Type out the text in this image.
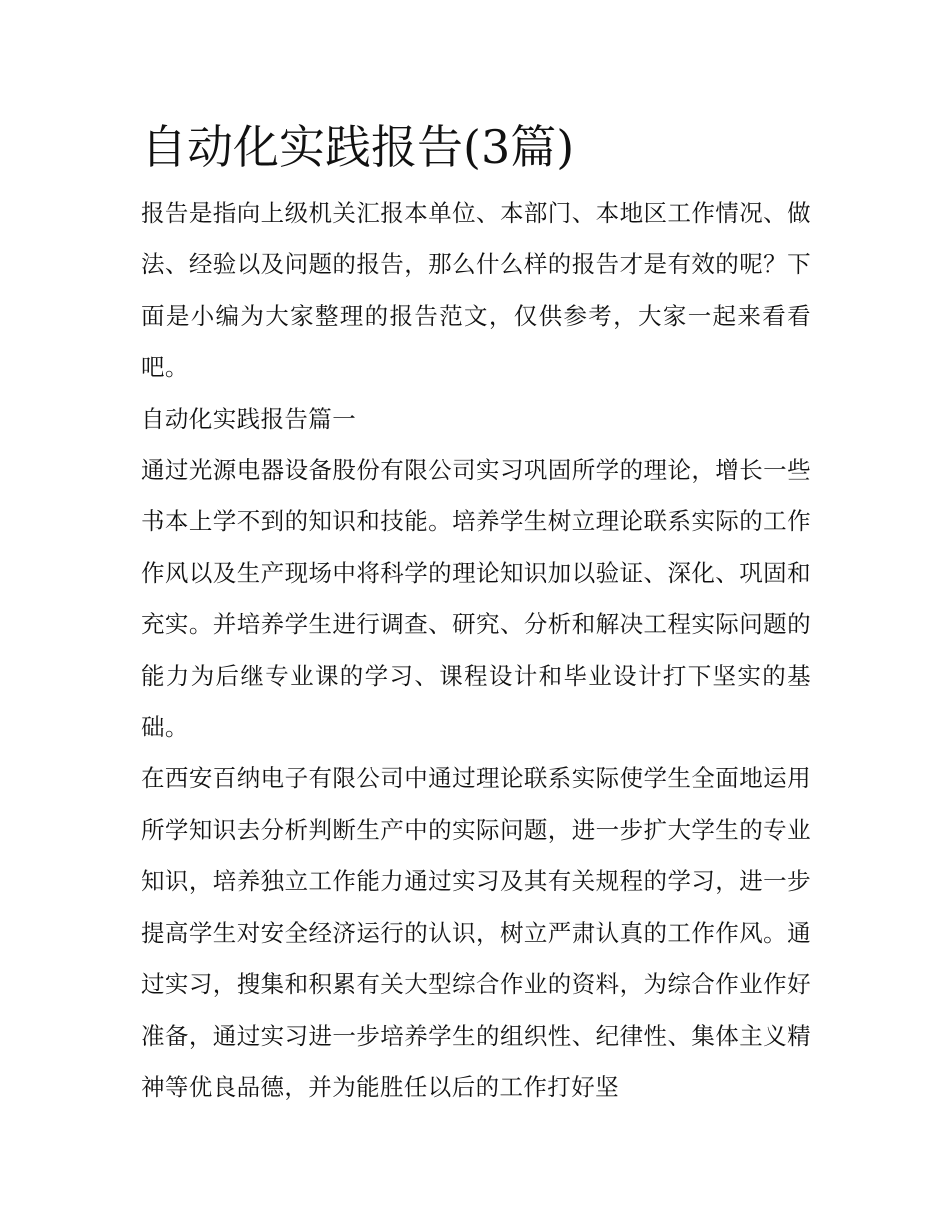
自动化实践报告(3篇)

报告是指向上级机关汇报本单位、本部门、本地区工作情况、做法、经验以及问题的报告，那么什么样的报告才是有效的呢？下面是小编为大家整理的报告范文，仅供参考，大家一起来看看吧。

自动化实践报告篇一

通过光源电器设备股份有限公司实习巩固所学的理论，增长一些书本上学不到的知识和技能。培养学生树立理论联系实际的工作作风以及生产现场中将科学的理论知识加以验证、深化、巩固和充实。并培养学生进行调查、研究、分析和解决工程实际问题的能力为后继专业课的学习、课程设计和毕业设计打下坚实的基础。

在西安百纳电子有限公司中通过理论联系实际使学生全面地运用所学知识去分析判断生产中的实际问题，进一步扩大学生的专业知识，培养独立工作能力通过实习及其有关规程的学习，进一步提高学生对安全经济运行的认识，树立严肃认真的工作作风。通过实习，搜集和积累有关大型综合作业的资料，为综合作业作好准备，通过实习进一步培养学生的组织性、纪律性、集体主义精神等优良品德，并为能胜任以后的工作打好坚
